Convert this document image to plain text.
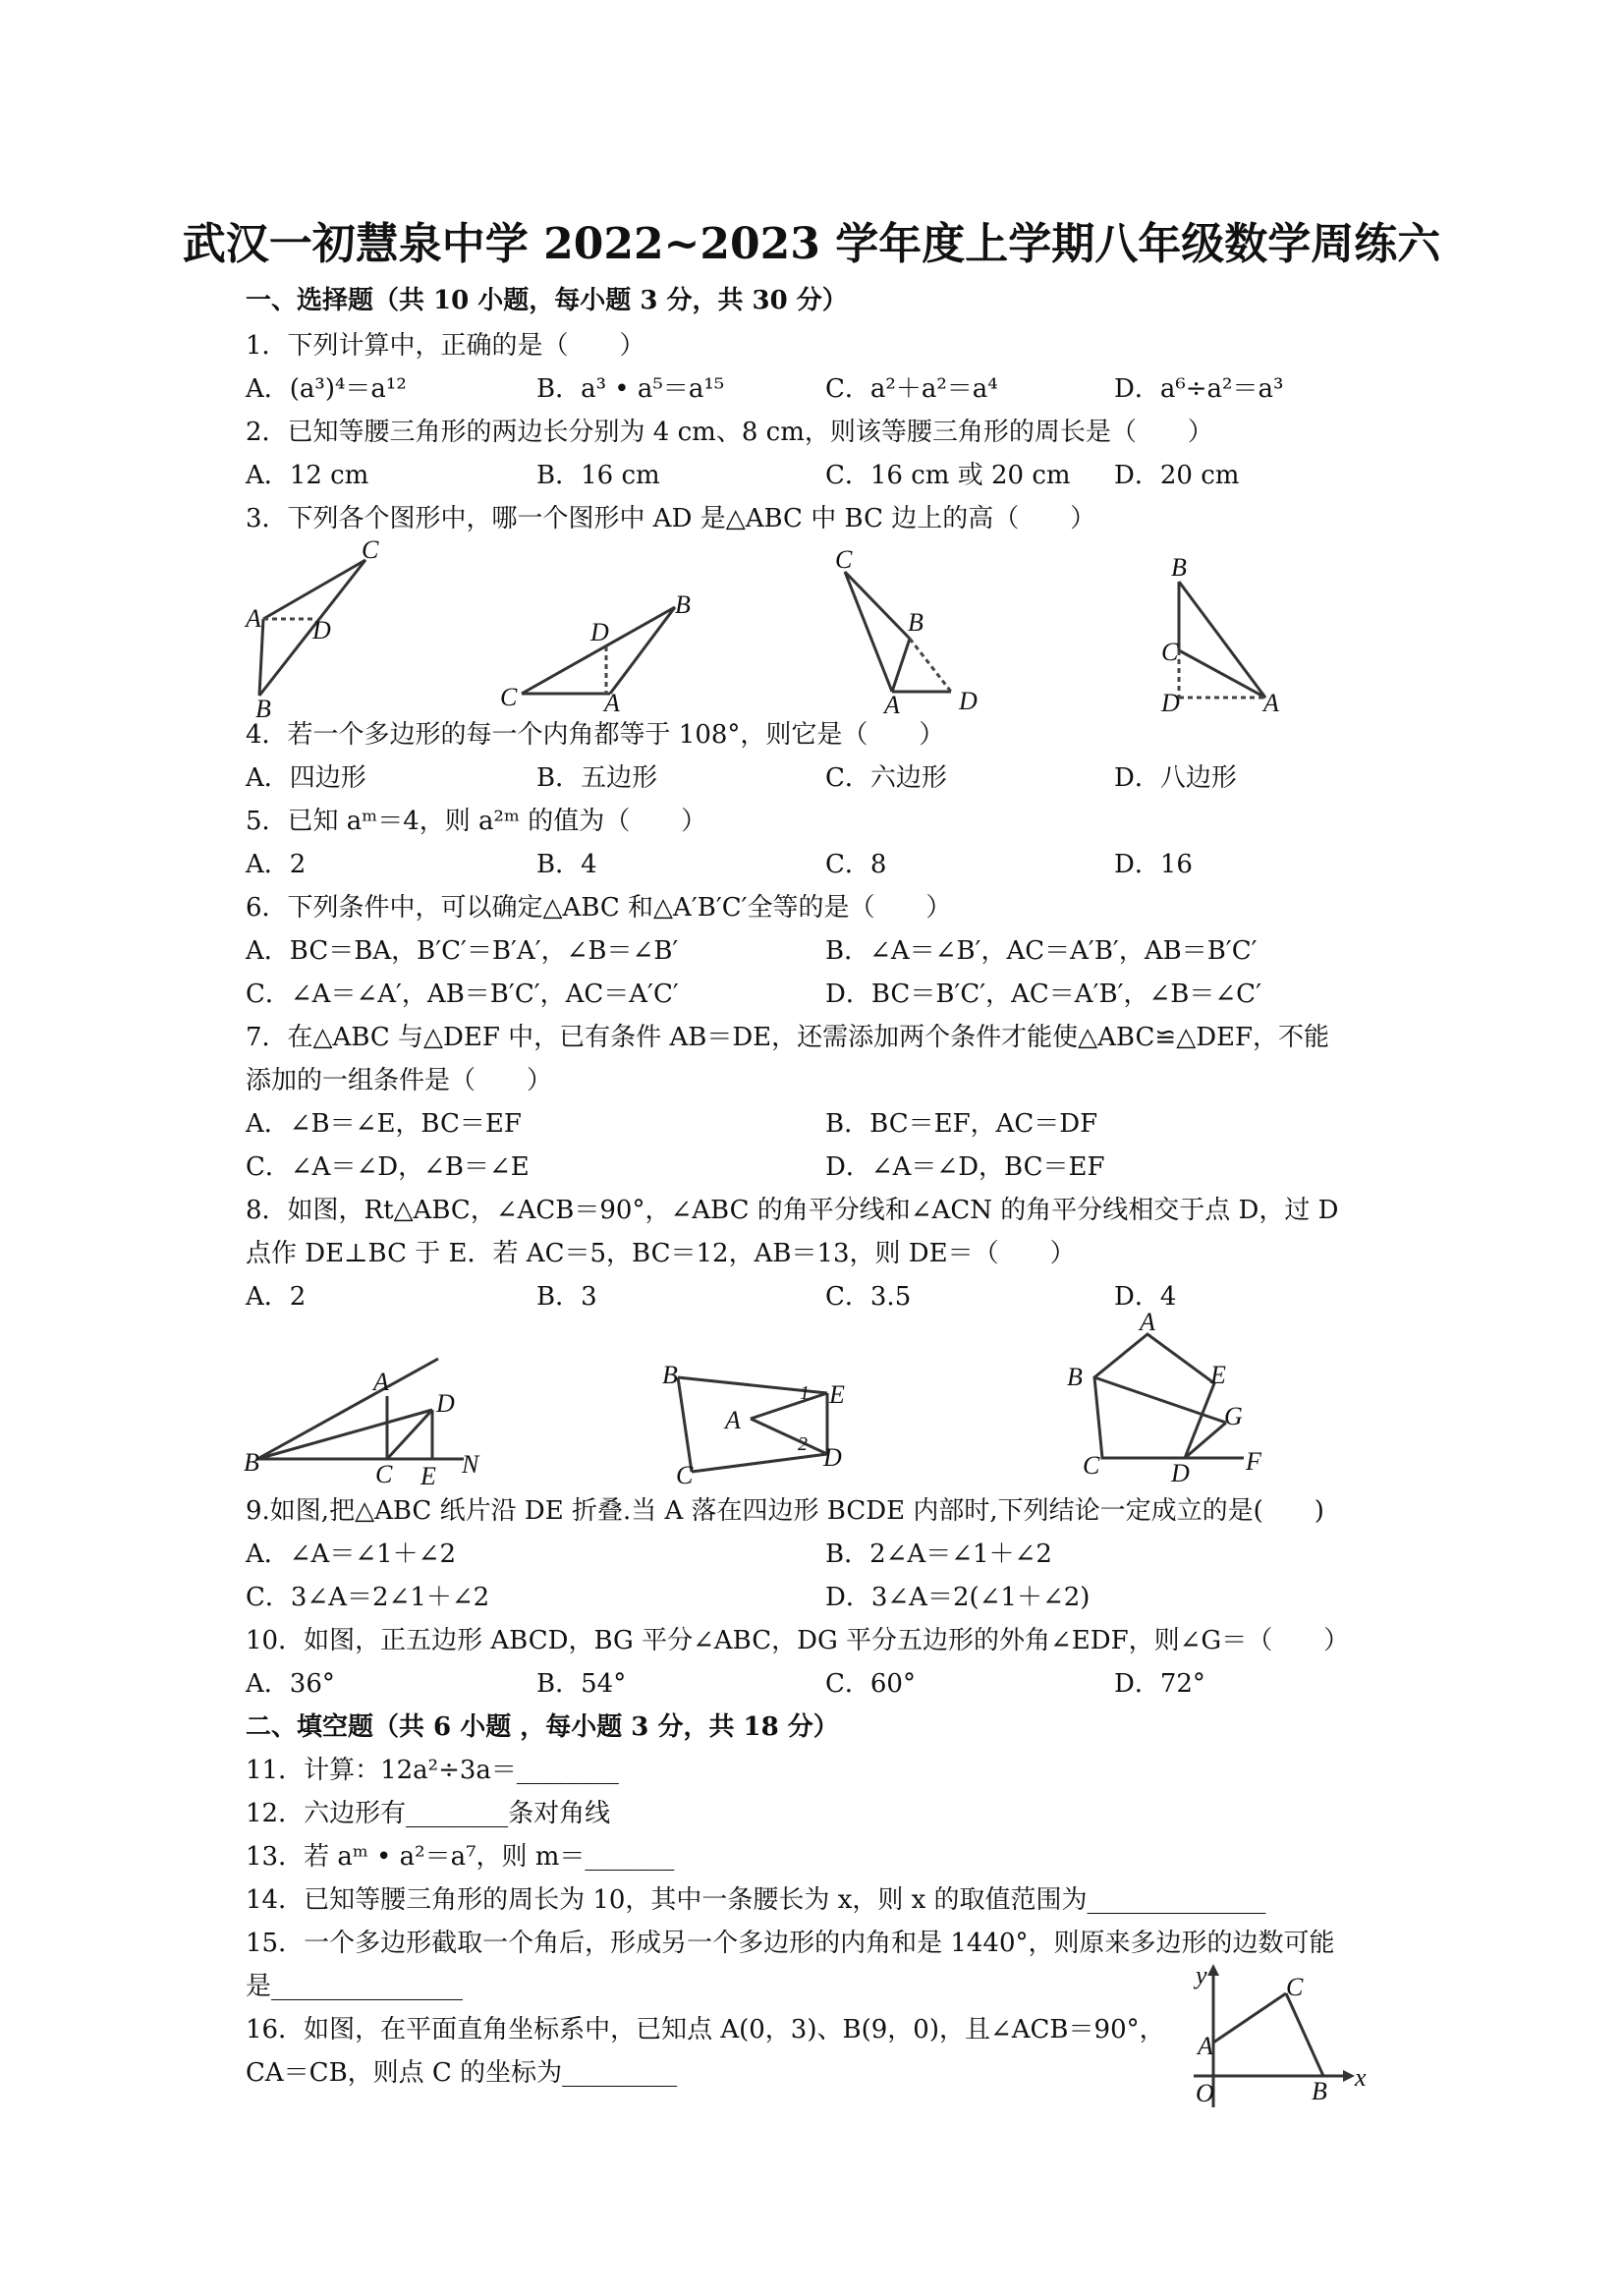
武汉一初慧泉中学 2022~2023 学年度上学期八年级数学周练六
一、选择题（共 10 小题，每小题 3 分，共 30 分）
1．下列计算中，正确的是（　　）
A．(a³)⁴＝a¹²	B．a³ • a⁵＝a¹⁵	C．a²＋a²＝a⁴	D．a⁶÷a²＝a³
2．已知等腰三角形的两边长分别为 4 cm、8 cm，则该等腰三角形的周长是（　　）
A．12 cm	B．16 cm	C．16 cm 或 20 cm D．20 cm
3．下列各个图形中，哪一个图形中 AD 是△ABC 中 BC 边上的高（　　）
C
A D
B
B
D
C	A
C
B
A D
B
C
D	A
4．若一个多边形的每一个内角都等于 108°，则它是（　　）
A．四边形	B．五边形	C．六边形	D．八边形
5．已知 aᵐ＝4，则 a²ᵐ 的值为（　　）
A．2	B．4	C．8	D．16
6．下列条件中，可以确定△ABC 和△A′B′C′全等的是（　　）
A．BC＝BA，B′C′＝B′A′，∠B＝∠B′	B．∠A＝∠B′，AC＝A′B′，AB＝B′C′
C．∠A＝∠A′，AB＝B′C′，AC＝A′C′	D．BC＝B′C′，AC＝A′B′，∠B＝∠C′
7．在△ABC 与△DEF 中，已有条件 AB＝DE，还需添加两个条件才能使△ABC≌△DEF，不能
添加的一组条件是（　　）
A．∠B＝∠E，BC＝EF	B．BC＝EF，AC＝DF
C．∠A＝∠D，∠B＝∠E	D．∠A＝∠D，BC＝EF
8．如图，Rt△ABC，∠ACB＝90°，∠ABC 的角平分线和∠ACN 的角平分线相交于点 D，过 D
点作 DE⊥BC 于 E．若 AC＝5，BC＝12，AB＝13，则 DE＝（　　）
A．2	B．3	C．3.5	D．4
A
D
B	C E N
B
E
A
C
D
1
2
A
B	E
G
C	D F
9.如图,把△ABC 纸片沿 DE 折叠.当 A 落在四边形 BCDE 内部时,下列结论一定成立的是(　　)
A．∠A＝∠1＋∠2	B．2∠A＝∠1＋∠2
C．3∠A＝2∠1＋∠2	D．3∠A＝2(∠1＋∠2)
10．如图，正五边形 ABCD，BG 平分∠ABC，DG 平分五边形的外角∠EDF，则∠G＝（　　）
A．36°	B．54°	C．60°	D．72°
二、填空题（共 6 小题 ，每小题 3 分，共 18 分）
11．计算：12a²÷3a＝________
12．六边形有________条对角线
13．若 aᵐ • a²＝a⁷，则 m＝_______
14．已知等腰三角形的周长为 10，其中一条腰长为 x，则 x 的取值范围为______________
15．一个多边形截取一个角后，形成另一个多边形的内角和是 1440°，则原来多边形的边数可能
是_______________
16．如图，在平面直角坐标系中，已知点 A(0，3)、B(9，0)，且∠ACB＝90°，
CA＝CB，则点 C 的坐标为_________
y	C
A
O	B x
